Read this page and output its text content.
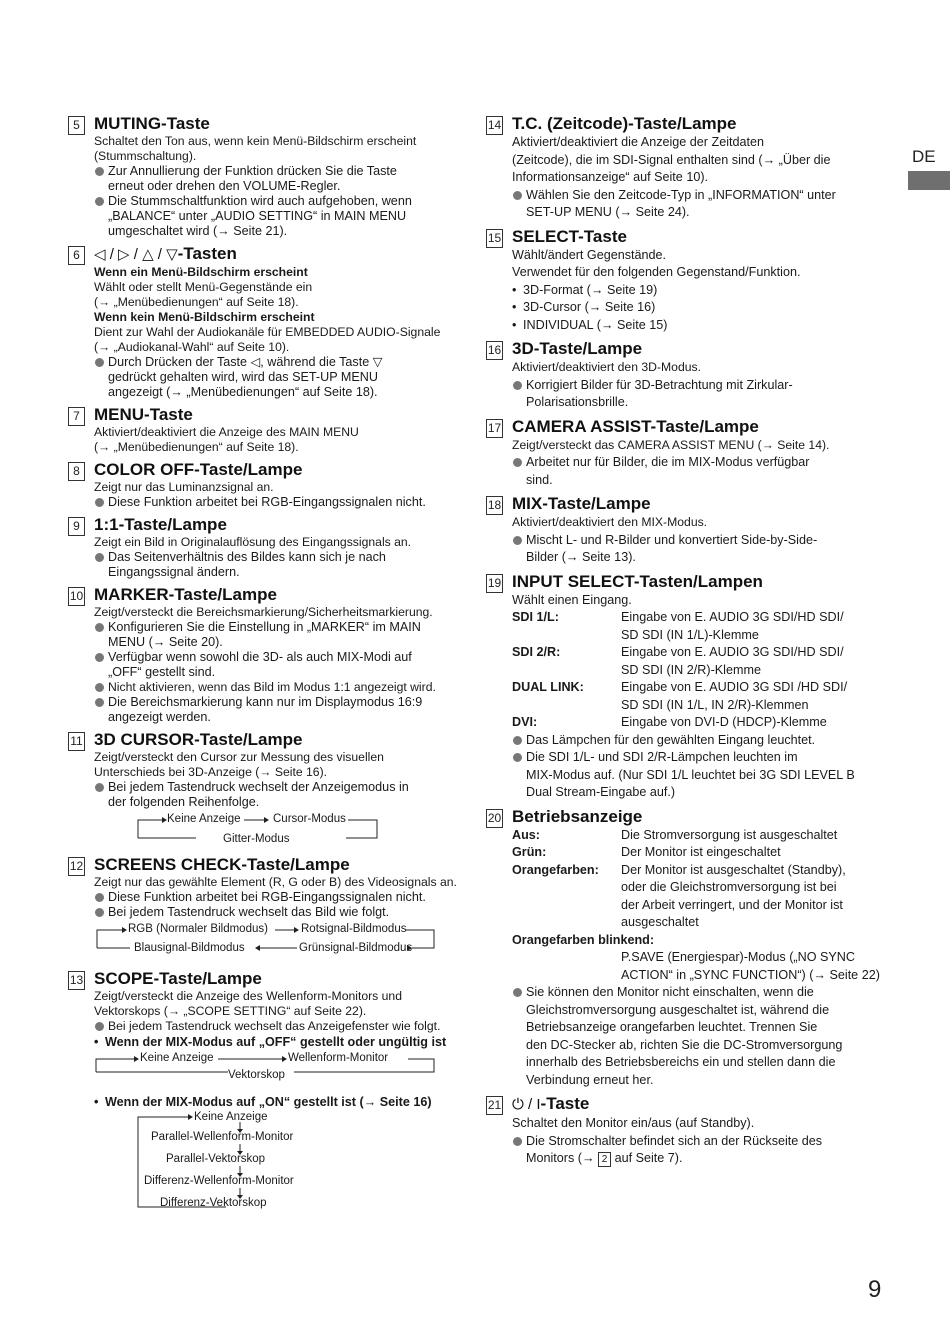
DE
5 MUTING-Taste

Schaltet den Ton aus, wenn kein Menü-Bildschirm erscheint

(Stummschaltung).

Zur Annullierung der Funktion drücken Sie die Taste
erneut oder drehen den VOLUME-Regler.
Die Stummschaltfunktion wird auch aufgehoben, wenn
„BALANCE“ unter „AUDIO SETTING“ in MAIN MENU
umgeschaltet wird (→ Seite 21).
6 ◁ / ▷ / △ / ▽-Tasten

Wenn ein Menü-Bildschirm erscheint

Wählt oder stellt Menü-Gegenstände ein

(→ „Menübedienungen“ auf Seite 18).

Wenn kein Menü-Bildschirm erscheint

Dient zur Wahl der Audiokanäle für EMBEDDED AUDIO-Signale

(→ „Audiokanal-Wahl“ auf Seite 10).

Durch Drücken der Taste ◁, während die Taste ▽
gedrückt gehalten wird, wird das SET-UP MENU
angezeigt (→ „Menübedienungen“ auf Seite 18).
7 MENU-Taste

Aktiviert/deaktiviert die Anzeige des MAIN MENU

(→ „Menübedienungen“ auf Seite 18).

8 COLOR OFF-Taste/Lampe

Zeigt nur das Luminanzsignal an.

Diese Funktion arbeitet bei RGB-Eingangssignalen nicht.
9 1:1-Taste/Lampe

Zeigt ein Bild in Originalauflösung des Eingangssignals an.

Das Seitenverhältnis des Bildes kann sich je nach
Eingangssignal ändern.
10 MARKER-Taste/Lampe

Zeigt/versteckt die Bereichsmarkierung/Sicherheitsmarkierung.

Konfigurieren Sie die Einstellung in „MARKER“ im MAIN
MENU (→ Seite 20).
Verfügbar wenn sowohl die 3D- als auch MIX-Modi auf
„OFF“ gestellt sind.
Nicht aktivieren, wenn das Bild im Modus 1:1 angezeigt wird.
Die Bereichsmarkierung kann nur im Displaymodus 16:9
angezeigt werden.
11 3D CURSOR-Taste/Lampe

Zeigt/versteckt den Cursor zur Messung des visuellen

Unterschieds bei 3D-Anzeige (→ Seite 16).

Bei jedem Tastendruck wechselt der Anzeigemodus in
der folgenden Reihenfolge.
Keine Anzeige	Cursor-Modus
Gitter-Modus
12 SCREENS CHECK-Taste/Lampe

Zeigt nur das gewählte Element (R, G oder B) des Videosignals an.

Diese Funktion arbeitet bei RGB-Eingangssignalen nicht.
Bei jedem Tastendruck wechselt das Bild wie folgt.
RGB (Normaler Bildmodus)	Rotsignal-Bildmodus
Blausignal-Bildmodus	Grünsignal-Bildmodus
13 SCOPE-Taste/Lampe

Zeigt/versteckt die Anzeige des Wellenform-Monitors und

Vektorskops (→ „SCOPE SETTING“ auf Seite 22).

Bei jedem Tastendruck wechselt das Anzeigefenster wie folgt.
• Wenn der MIX-Modus auf „OFF“ gestellt oder ungültig ist
Keine Anzeige	Wellenform-Monitor
Vektorskop
• Wenn der MIX-Modus auf „ON“ gestellt ist (→ Seite 16)
Keine Anzeige
Parallel-Wellenform-Monitor
Parallel-Vektorskop
Differenz-Wellenform-Monitor
Differenz-Vektorskop
14 T.C. (Zeitcode)-Taste/Lampe

Aktiviert/deaktiviert die Anzeige der Zeitdaten

(Zeitcode), die im SDI-Signal enthalten sind (→ „Über die

Informationsanzeige“ auf Seite 10).

Wählen Sie den Zeitcode-Typ in „INFORMATION“ unter
SET-UP MENU (→ Seite 24).
15 SELECT-Taste

Wählt/ändert Gegenstände.

Verwendet für den folgenden Gegenstand/Funktion.

• 3D-Format (→ Seite 19)
• 3D-Cursor (→ Seite 16)
• INDIVIDUAL (→ Seite 15)
16 3D-Taste/Lampe

Aktiviert/deaktiviert den 3D-Modus.

Korrigiert Bilder für 3D-Betrachtung mit Zirkular-
Polarisationsbrille.
17 CAMERA ASSIST-Taste/Lampe

Zeigt/versteckt das CAMERA ASSIST MENU (→ Seite 14).

Arbeitet nur für Bilder, die im MIX-Modus verfügbar
sind.
18 MIX-Taste/Lampe

Aktiviert/deaktiviert den MIX-Modus.

Mischt L- und R-Bilder und konvertiert Side-by-Side-
Bilder (→ Seite 13).
19 INPUT SELECT-Tasten/Lampen

Wählt einen Eingang.

SDI 1/L:	Eingabe von E. AUDIO 3G SDI/HD SDI/
SD SDI (IN 1/L)-Klemme
SDI 2/R:	Eingabe von E. AUDIO 3G SDI/HD SDI/
SD SDI (IN 2/R)-Klemme
DUAL LINK:	Eingabe von E. AUDIO 3G SDI /HD SDI/
SD SDI (IN 1/L, IN 2/R)-Klemmen
DVI:	Eingabe von DVI-D (HDCP)-Klemme
Das Lämpchen für den gewählten Eingang leuchtet.
Die SDI 1/L- und SDI 2/R-Lämpchen leuchten im
MIX-Modus auf. (Nur SDI 1/L leuchtet bei 3G SDI LEVEL B
Dual Stream-Eingabe auf.)
20 Betriebsanzeige
Aus:	Die Stromversorgung ist ausgeschaltet
Grün:	Der Monitor ist eingeschaltet
Orangefarben:	Der Monitor ist ausgeschaltet (Standby),
oder die Gleichstromversorgung ist bei
der Arbeit verringert, und der Monitor ist
ausgeschaltet
Orangefarben blinkend:
P.SAVE (Energiespar)-Modus („NO SYNC
ACTION“ in „SYNC FUNCTION“) (→ Seite 22)
Sie können den Monitor nicht einschalten, wenn die
Gleichstromversorgung ausgeschaltet ist, während die
Betriebsanzeige orangefarben leuchtet. Trennen Sie
den DC-Stecker ab, richten Sie die DC-Stromversorgung
innerhalb des Betriebsbereichs ein und stellen dann die
Verbindung erneut her.
21 ⏻ / I-Taste

Schaltet den Monitor ein/aus (auf Standby).

Die Stromschalter befindet sich an der Rückseite des
Monitors (→ 2 auf Seite 7).
9
